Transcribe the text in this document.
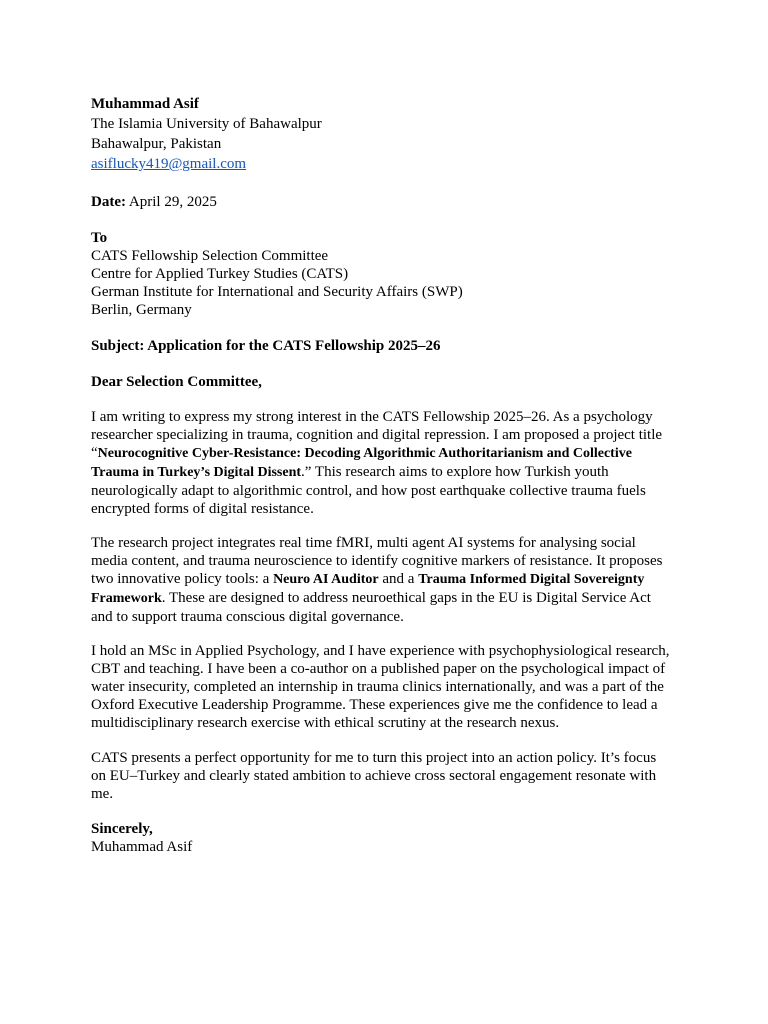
Muhammad Asif
The Islamia University of Bahawalpur
Bahawalpur, Pakistan
asiflucky419@gmail.com
Date: April 29, 2025
To
CATS Fellowship Selection Committee
Centre for Applied Turkey Studies (CATS)
German Institute for International and Security Affairs (SWP)
Berlin, Germany
Subject: Application for the CATS Fellowship 2025–26
Dear Selection Committee,
I am writing to express my strong interest in the CATS Fellowship 2025–26. As a psychology
researcher specializing in trauma, cognition and digital repression. I am proposed a project title
“Neurocognitive Cyber-Resistance: Decoding Algorithmic Authoritarianism and Collective
Trauma in Turkey’s Digital Dissent.” This research aims to explore how Turkish youth
neurologically adapt to algorithmic control, and how post earthquake collective trauma fuels
encrypted forms of digital resistance.
The research project integrates real time fMRI, multi agent AI systems for analysing social
media content, and trauma neuroscience to identify cognitive markers of resistance. It proposes
two innovative policy tools: a Neuro AI Auditor and a Trauma Informed Digital Sovereignty
Framework. These are designed to address neuroethical gaps in the EU is Digital Service Act
and to support trauma conscious digital governance.
I hold an MSc in Applied Psychology, and I have experience with psychophysiological research,
CBT and teaching. I have been a co-author on a published paper on the psychological impact of
water insecurity, completed an internship in trauma clinics internationally, and was a part of the
Oxford Executive Leadership Programme. These experiences give me the confidence to lead a
multidisciplinary research exercise with ethical scrutiny at the research nexus.
CATS presents a perfect opportunity for me to turn this project into an action policy. It’s focus
on EU–Turkey and clearly stated ambition to achieve cross sectoral engagement resonate with
me.
Sincerely,
Muhammad Asif
